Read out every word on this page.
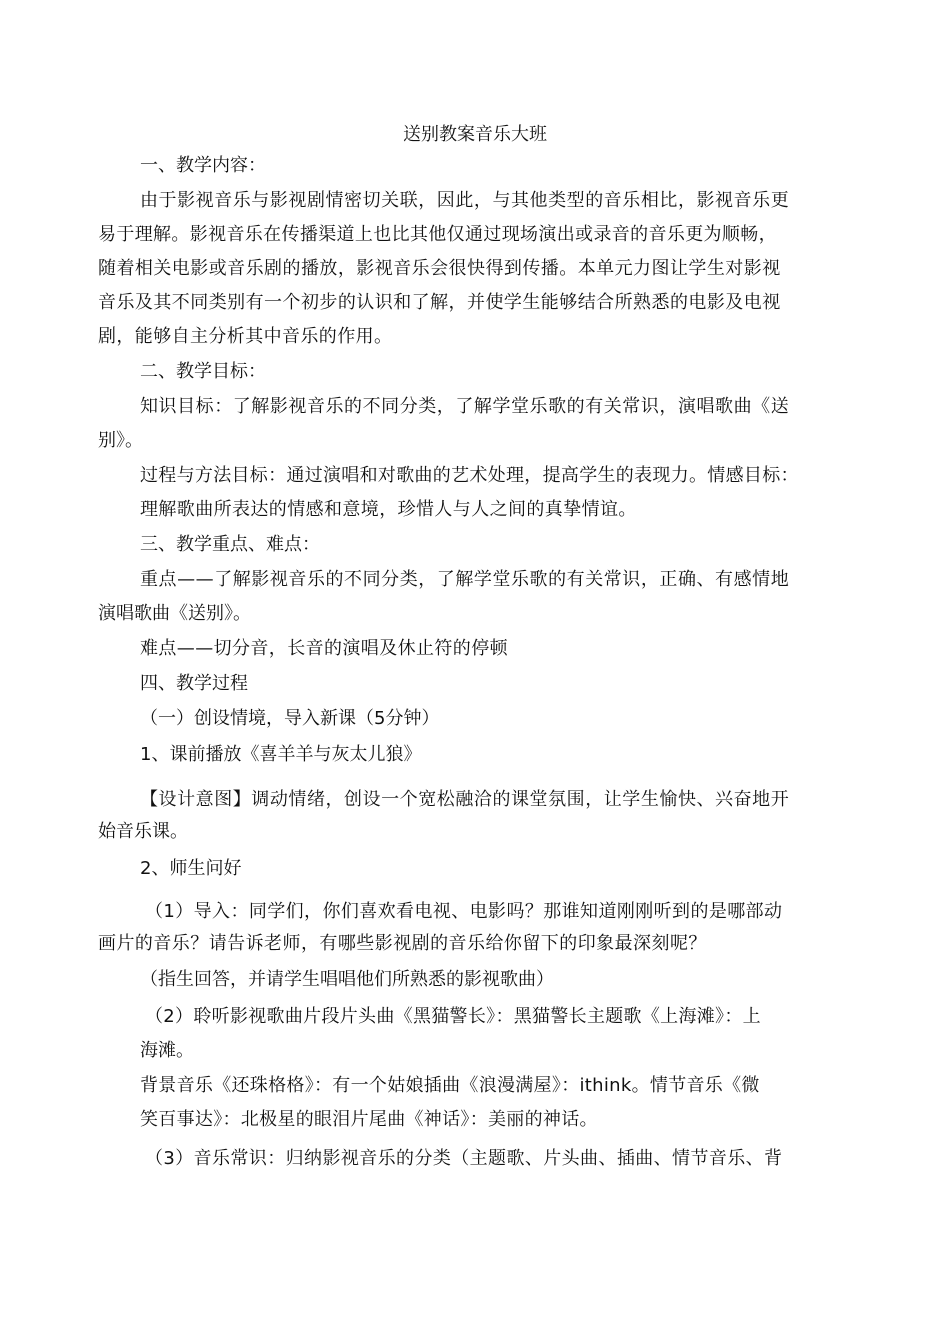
送别教案音乐大班
一、教学内容：
由于影视音乐与影视剧情密切关联，因此，与其他类型的音乐相比，影视音乐更
易于理解。影视音乐在传播渠道上也比其他仅通过现场演出或录音的音乐更为顺畅，
随着相关电影或音乐剧的播放，影视音乐会很快得到传播。本单元力图让学生对影视
音乐及其不同类别有一个初步的认识和了解，并使学生能够结合所熟悉的电影及电视
剧，能够自主分析其中音乐的作用。
二、教学目标：
知识目标：了解影视音乐的不同分类，了解学堂乐歌的有关常识，演唱歌曲《送
别》。
过程与方法目标：通过演唱和对歌曲的艺术处理，提高学生的表现力。情感目标：
理解歌曲所表达的情感和意境，珍惜人与人之间的真挚情谊。
三、教学重点、难点：
重点——了解影视音乐的不同分类，了解学堂乐歌的有关常识，正确、有感情地
演唱歌曲《送别》。
难点——切分音，长音的演唱及休止符的停顿
四、教学过程
（一）创设情境，导入新课（5分钟）
1、课前播放《喜羊羊与灰太儿狼》
【设计意图】调动情绪，创设一个宽松融洽的课堂氛围，让学生愉快、兴奋地开
始音乐课。
2、师生问好
（1）导入：同学们，你们喜欢看电视、电影吗？那谁知道刚刚听到的是哪部动
画片的音乐？请告诉老师，有哪些影视剧的音乐给你留下的印象最深刻呢？
（指生回答，并请学生唱唱他们所熟悉的影视歌曲）
（2）聆听影视歌曲片段片头曲《黑猫警长》：黑猫警长主题歌《上海滩》：上
海滩。
背景音乐《还珠格格》：有一个姑娘插曲《浪漫满屋》：ithink。情节音乐《微
笑百事达》：北极星的眼泪片尾曲《神话》：美丽的神话。
（3）音乐常识：归纳影视音乐的分类（主题歌、片头曲、插曲、情节音乐、背
